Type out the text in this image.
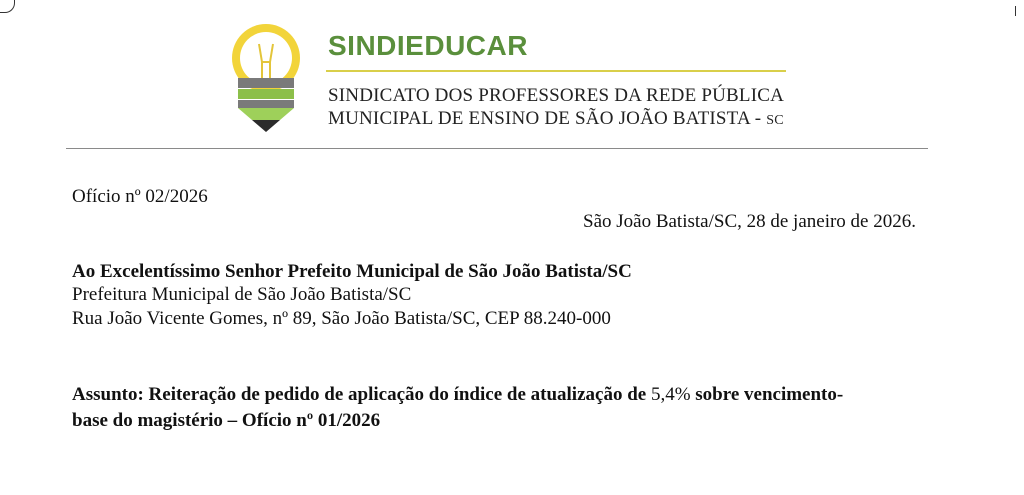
SINDIEDUCAR
SINDICATO DOS PROFESSORES DA REDE PÚBLICA
MUNICIPAL DE ENSINO DE SÃO JOÃO BATISTA - SC
Ofício nº 02/2026
São João Batista/SC, 28 de janeiro de 2026.
Ao Excelentíssimo Senhor Prefeito Municipal de São João Batista/SC
Prefeitura Municipal de São João Batista/SC
Rua João Vicente Gomes, nº 89, São João Batista/SC, CEP 88.240-000
Assunto: Reiteração de pedido de aplicação do índice de atualização de 5,4% sobre vencimento-
base do magistério – Ofício nº 01/2026
